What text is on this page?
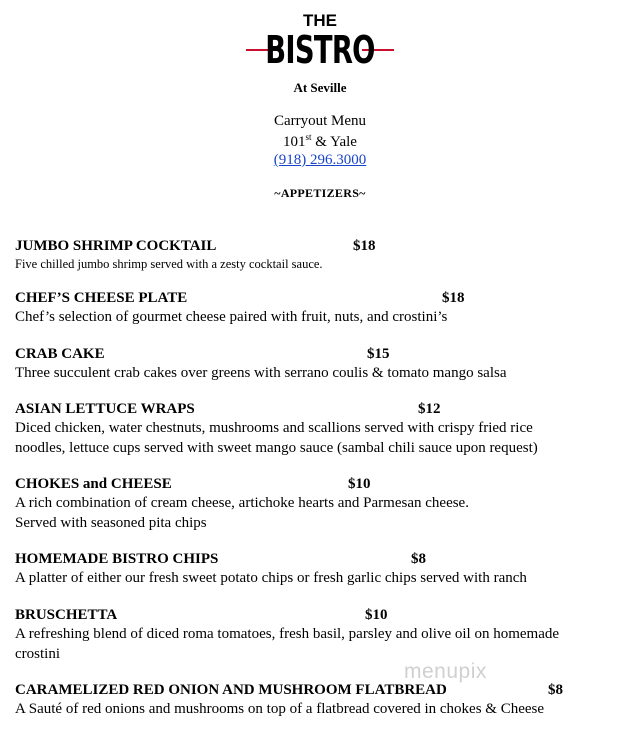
THE
BISTRO
At Seville
Carryout Menu
101st & Yale
(918) 296.3000
~APPETIZERS~
JUMBO SHRIMP COCKTAIL	$18
Five chilled jumbo shrimp served with a zesty cocktail sauce.
CHEF’S CHEESE PLATE	$18
Chef’s selection of gourmet cheese paired with fruit, nuts, and crostini’s
CRAB CAKE	$15
Three succulent crab cakes over greens with serrano coulis & tomato mango salsa
ASIAN LETTUCE WRAPS	$12
Diced chicken, water chestnuts, mushrooms and scallions served with crispy fried rice
noodles, lettuce cups served with sweet mango sauce (sambal chili sauce upon request)
CHOKES and CHEESE	$10
A rich combination of cream cheese, artichoke hearts and Parmesan cheese.
Served with seasoned pita chips
HOMEMADE BISTRO CHIPS	$8
A platter of either our fresh sweet potato chips or fresh garlic chips served with ranch
BRUSCHETTA	$10
A refreshing blend of diced roma tomatoes, fresh basil, parsley and olive oil on homemade
crostini
CARAMELIZED RED ONION AND MUSHROOM FLATBREAD	$8
A Sauté of red onions and mushrooms on top of a flatbread covered in chokes & Cheese
menupix
